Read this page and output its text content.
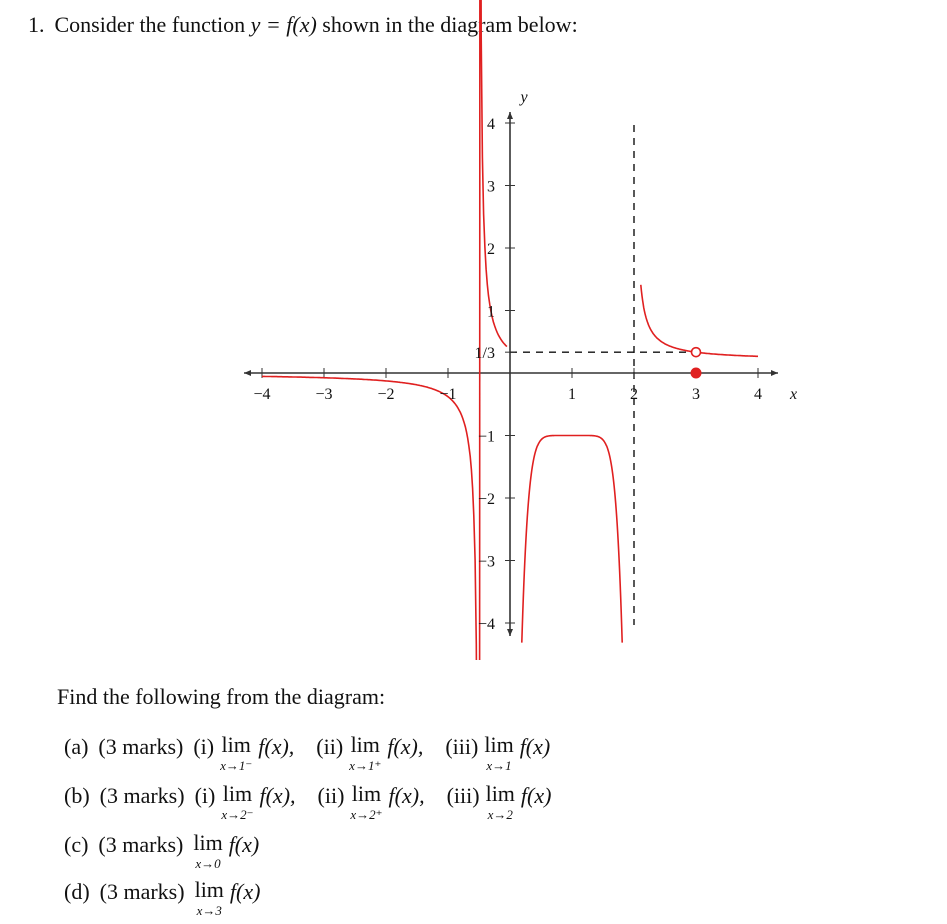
1. Consider the function y = f(x) shown in the diagram below:
−4	−3	−2	−1	1	2	3	4
4
3
2
1
1/3
−1
−2
−3
−4
x
y
Find the following from the diagram:
(a) (3 marks) (i) lim
x→1⁻
f(x), (ii) lim
x→1⁺
f(x), (iii) lim
x→1
f(x)
(b) (3 marks) (i) lim
x→2⁻
f(x), (ii) lim
x→2⁺
f(x), (iii) lim
x→2
f(x)
(c) (3 marks) lim
x→0
f(x)
(d) (3 marks) lim
x→3
f(x)
